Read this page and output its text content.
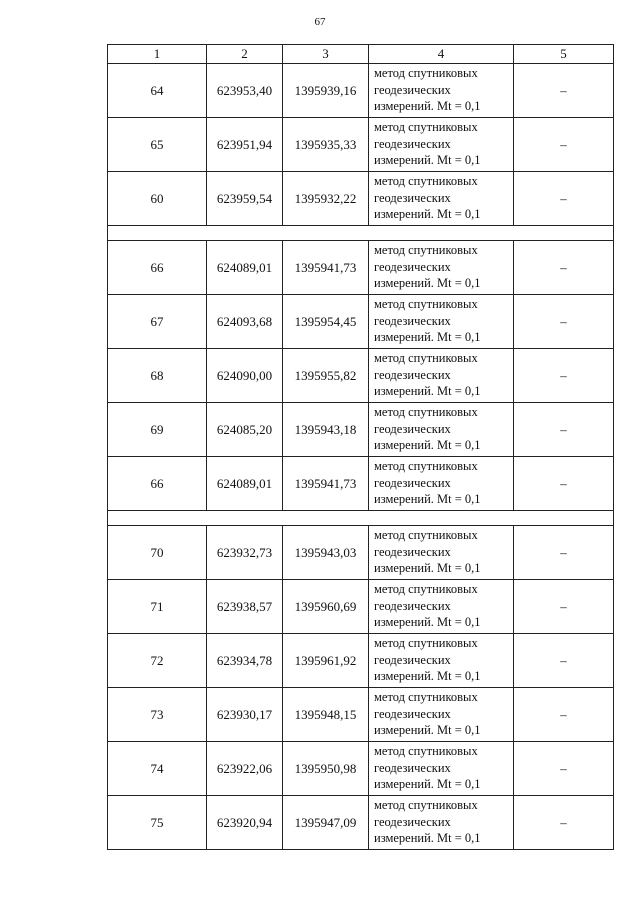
67
1	2	3	4	5
64	623953,40	1395939,16	метод спутниковых
геодезических
измерений. Mt = 0,1	–
65	623951,94	1395935,33	метод спутниковых
геодезических
измерений. Mt = 0,1	–
60	623959,54	1395932,22	метод спутниковых
геодезических
измерений. Mt = 0,1	–

66	624089,01	1395941,73	метод спутниковых
геодезических
измерений. Mt = 0,1	–
67	624093,68	1395954,45	метод спутниковых
геодезических
измерений. Mt = 0,1	–
68	624090,00	1395955,82	метод спутниковых
геодезических
измерений. Mt = 0,1	–
69	624085,20	1395943,18	метод спутниковых
геодезических
измерений. Mt = 0,1	–
66	624089,01	1395941,73	метод спутниковых
геодезических
измерений. Mt = 0,1	–

70	623932,73	1395943,03	метод спутниковых
геодезических
измерений. Mt = 0,1	–
71	623938,57	1395960,69	метод спутниковых
геодезических
измерений. Mt = 0,1	–
72	623934,78	1395961,92	метод спутниковых
геодезических
измерений. Mt = 0,1	–
73	623930,17	1395948,15	метод спутниковых
геодезических
измерений. Mt = 0,1	–
74	623922,06	1395950,98	метод спутниковых
геодезических
измерений. Mt = 0,1	–
75	623920,94	1395947,09	метод спутниковых
геодезических
измерений. Mt = 0,1	–
